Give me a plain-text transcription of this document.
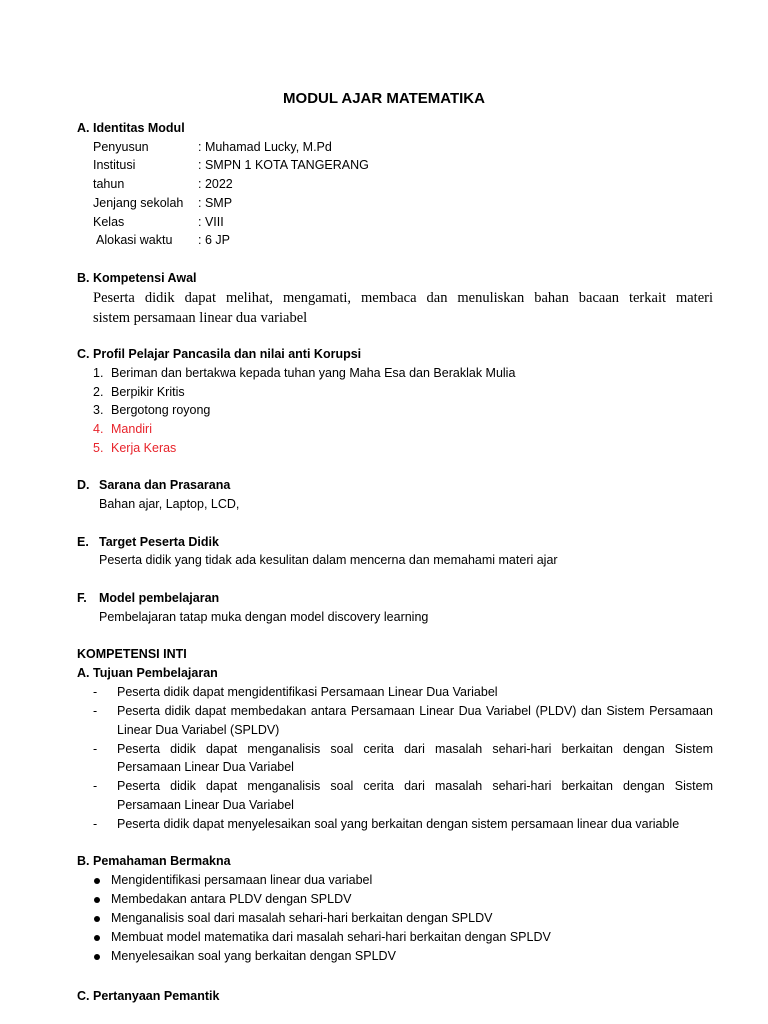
MODUL AJAR MATEMATIKA
A. Identitas Modul
Penyusun	: Muhamad Lucky, M.Pd
Institusi	: SMPN 1 KOTA TANGERANG
tahun	: 2022
Jenjang sekolah : SMP
Kelas	: VIII
Alokasi waktu : 6 JP
B. Kompetensi Awal
Peserta didik dapat melihat, mengamati, membaca dan menuliskan bahan bacaan terkait materi
sistem persamaan linear dua variabel
C. Profil Pelajar Pancasila dan nilai anti Korupsi
1. Beriman dan bertakwa kepada tuhan yang Maha Esa dan Beraklak Mulia
2. Berpikir Kritis
3. Bergotong royong
4. Mandiri
5. Kerja Keras
D. Sarana dan Prasarana
Bahan ajar, Laptop, LCD,
E. Target Peserta Didik
Peserta didik yang tidak ada kesulitan dalam mencerna dan memahami materi ajar
F. Model pembelajaran
Pembelajaran tatap muka dengan model discovery learning
KOMPETENSI INTI
A. Tujuan Pembelajaran
- Peserta didik dapat mengidentifikasi Persamaan Linear Dua Variabel
- Peserta didik dapat membedakan antara Persamaan Linear Dua Variabel (PLDV) dan Sistem Persamaan
Linear Dua Variabel (SPLDV)
- Peserta didik dapat menganalisis soal cerita dari masalah sehari-hari berkaitan dengan Sistem
Persamaan Linear Dua Variabel
- Peserta didik dapat menganalisis soal cerita dari masalah sehari-hari berkaitan dengan Sistem
Persamaan Linear Dua Variabel
- Peserta didik dapat menyelesaikan soal yang berkaitan dengan sistem persamaan linear dua variable
B. Pemahaman Bermakna
Mengidentifikasi persamaan linear dua variabel
Membedakan antara PLDV dengan SPLDV
Menganalisis soal dari masalah sehari-hari berkaitan dengan SPLDV
Membuat model matematika dari masalah sehari-hari berkaitan dengan SPLDV
Menyelesaikan soal yang berkaitan dengan SPLDV
C. Pertanyaan Pemantik
